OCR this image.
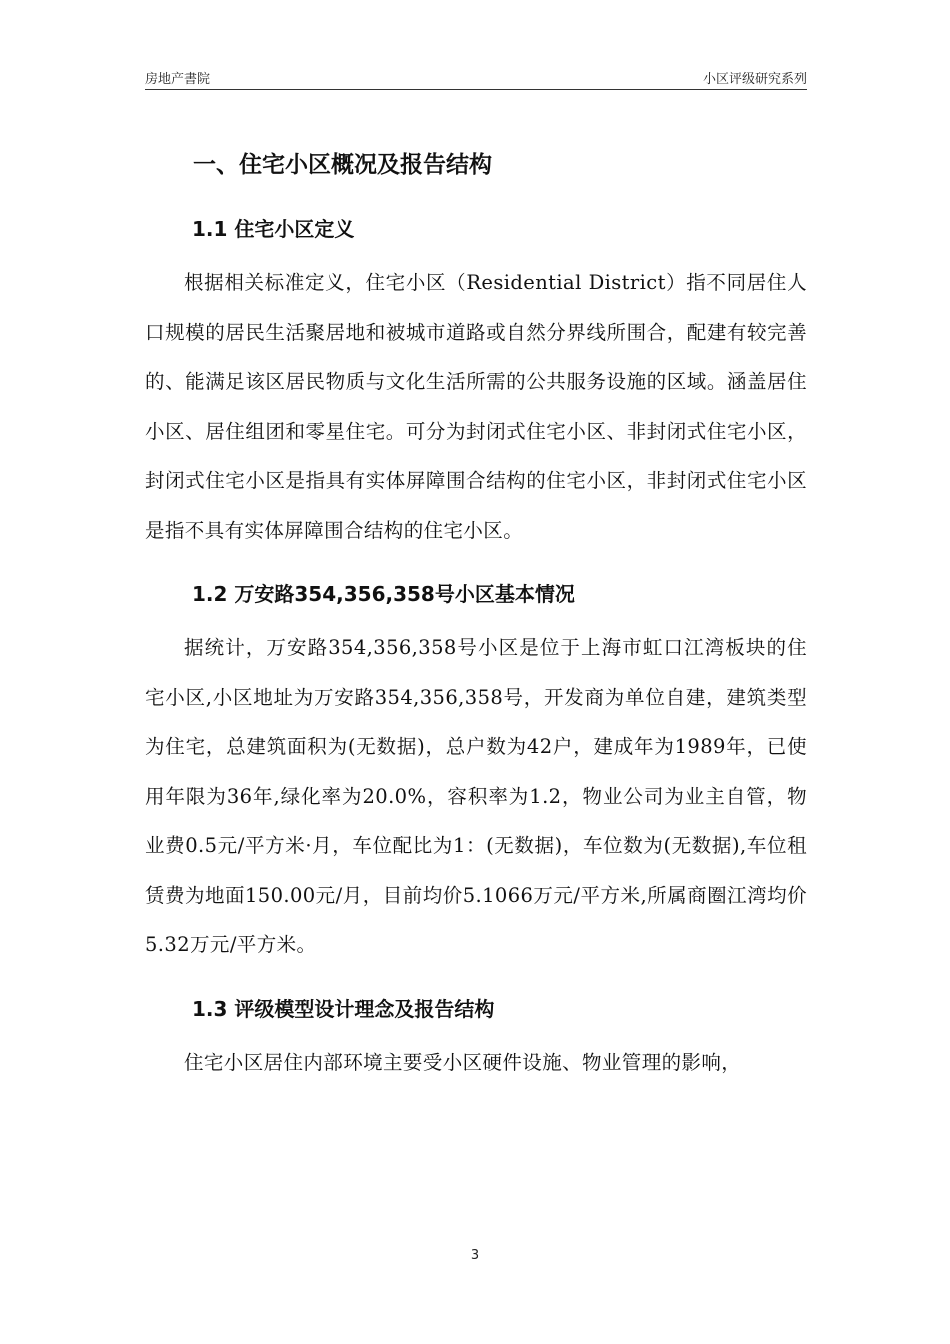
房地产書院	小区评级研究系列
一、住宅小区概况及报告结构
1.1 住宅小区定义

根据相关标准定义，住宅小区（Residential District）指不同居住人口规模的居民生活聚居地和被城市道路或自然分界线所围合，配建有较完善的、能满足该区居民物质与文化生活所需的公共服务设施的区域。涵盖居住小区、居住组团和零星住宅。可分为封闭式住宅小区、非封闭式住宅小区，封闭式住宅小区是指具有实体屏障围合结构的住宅小区，非封闭式住宅小区是指不具有实体屏障围合结构的住宅小区。

1.2 万安路354,356,358号小区基本情况

据统计，万安路354,356,358号小区是位于上海市虹口江湾板块的住宅小区,小区地址为万安路354,356,358号，开发商为单位自建，建筑类型为住宅，总建筑面积为(无数据)，总户数为42户，建成年为1989年，已使用年限为36年,绿化率为20.0%，容积率为1.2，物业公司为业主自管，物业费0.5元/平方米·月，车位配比为1：(无数据)，车位数为(无数据),车位租赁费为地面150.00元/月，目前均价5.1066万元/平方米,所属商圈江湾均价5.32万元/平方米。

1.3 评级模型设计理念及报告结构

住宅小区居住内部环境主要受小区硬件设施、物业管理的影响，

3
